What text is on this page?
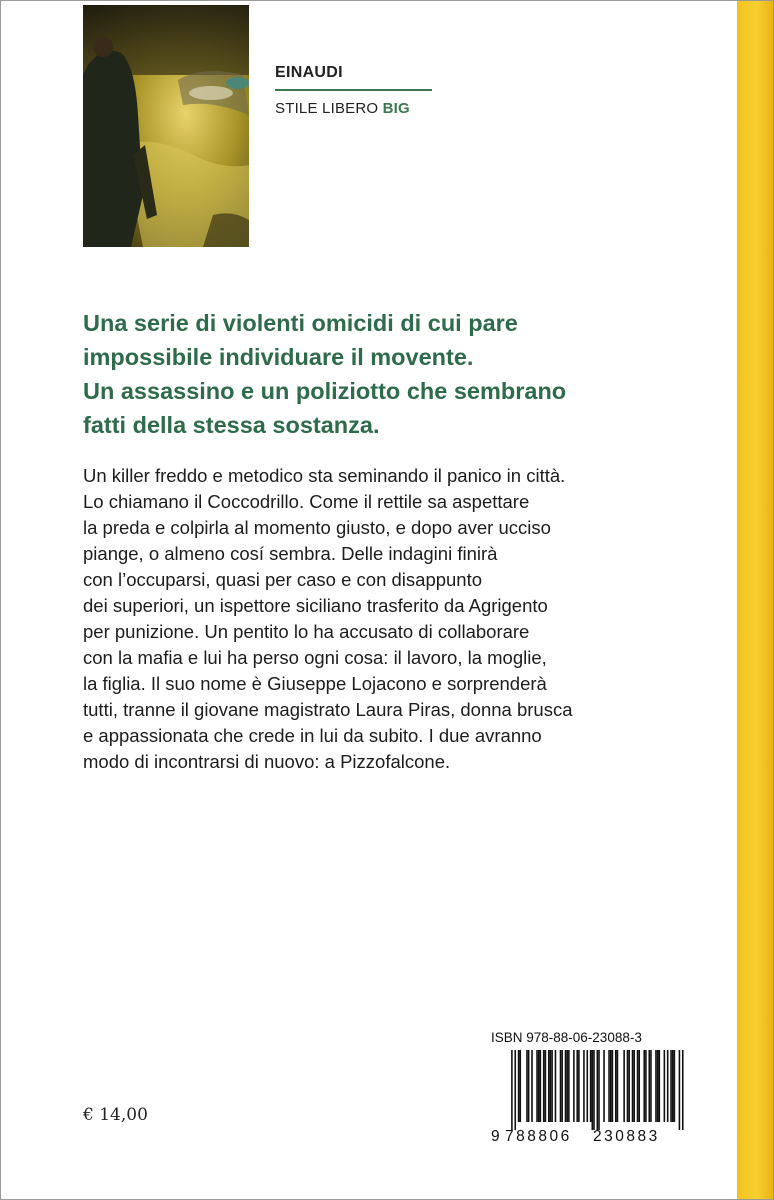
EINAUDI
STILE LIBERO BIG
Una serie di violenti omicidi di cui pare
impossibile individuare il movente.
Un assassino e un poliziotto che sembrano
fatti della stessa sostanza.
Un killer freddo e metodico sta seminando il panico in città.
Lo chiamano il Coccodrillo. Come il rettile sa aspettare
la preda e colpirla al momento giusto, e dopo aver ucciso
piange, o almeno cosí sembra. Delle indagini finirà
con l’occuparsi, quasi per caso e con disappunto
dei superiori, un ispettore siciliano trasferito da Agrigento
per punizione. Un pentito lo ha accusato di collaborare
con la mafia e lui ha perso ogni cosa: il lavoro, la moglie,
la figlia. Il suo nome è Giuseppe Lojacono e sorprenderà
tutti, tranne il giovane magistrato Laura Piras, donna brusca
e appassionata che crede in lui da subito. I due avranno
modo di incontrarsi di nuovo: a Pizzofalcone.
€ 14,00
ISBN 978-88-06-23088-3
9 788806	230883
